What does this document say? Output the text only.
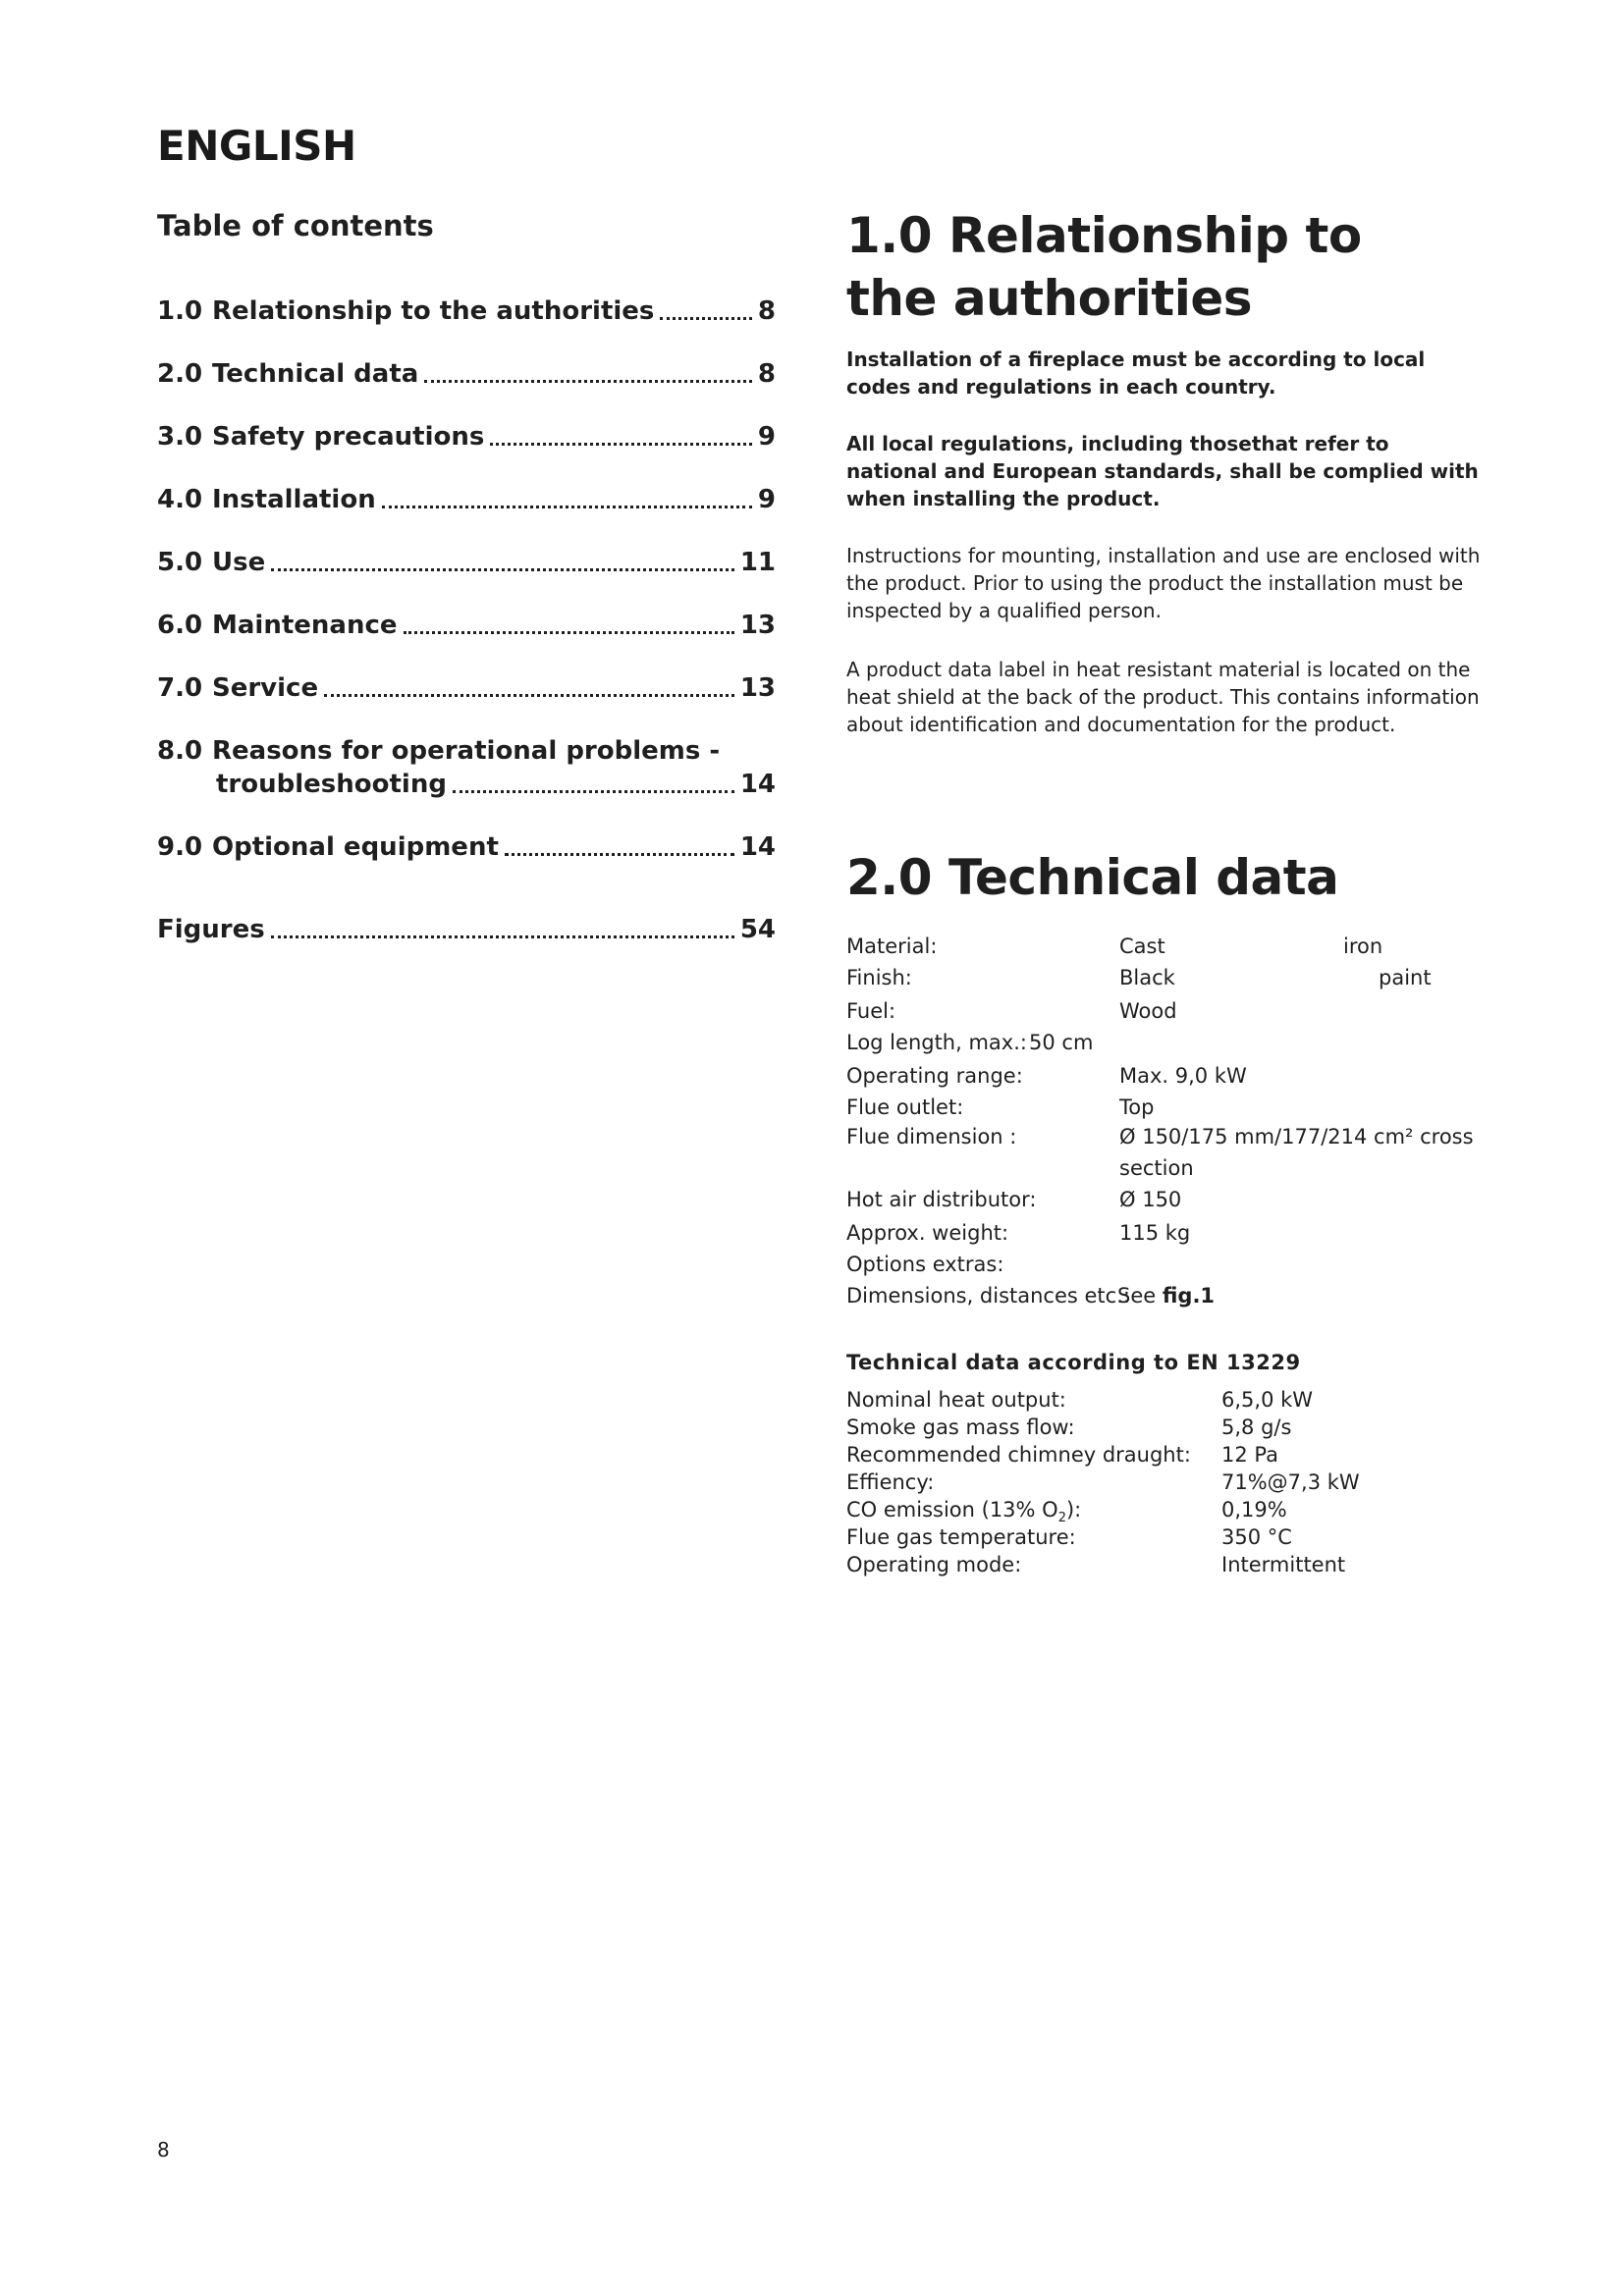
ENGLISH
Table of contents
1.0 Relationship to the authorities	8
2.0 Technical data	8
3.0 Safety precautions	9
4.0 Installation	9
5.0 Use	11
6.0 Maintenance	13
7.0 Service	13
8.0 Reasons for operational problems -
troubleshooting	14
9.0 Optional equipment	14
Figures	54
1.0 Relationship to the authorities

Installation of a fireplace must be according to local codes and regulations in each country.

All local regulations, including thosethat refer to national and European standards, shall be complied with when installing the product.

Instructions for mounting, installation and use are enclosed with the product. Prior to using the product the installation must be inspected by a qualified person.

A product data label in heat resistant material is located on the heat shield at the back of the product. This contains information about identification and documentation for the product.

2.0 Technical data
Material:	Cast	iron
Finish:	Black	paint
Fuel:	Wood
Log length, max.: 50 cm
Operating range:	Max. 9,0 kW
Flue outlet:	Top
Flue dimension :	Ø 150/175 mm/177/214 cm² cross
section
Hot air distributor:	Ø 150
Approx. weight:	115 kg
Options extras:
Dimensions, distances etc.:
See fig.1
Technical data according to EN 13229
Nominal heat output:	6,5,0 kW
Smoke gas mass flow:	5,8 g/s
Recommended chimney draught: 12 Pa
Effiency:	71%@7,3 kW
CO emission (13% $O_2$):	0,19%
Flue gas temperature:	350 °C
Operating mode:	Intermittent
8
